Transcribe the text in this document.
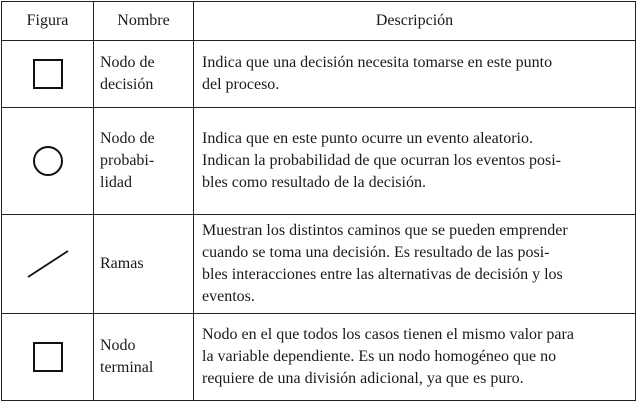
Figura	Nombre	Descripción

Nodo de
decisión	Indica que una decisión necesita tomarse en este punto
del proceso.

Nodo de
probabi-
lidad	Indica que en este punto ocurre un evento aleatorio.
Indican la probabilidad de que ocurran los eventos posi-
bles como resultado de la decisión.

Ramas	Muestran los distintos caminos que se pueden emprender
cuando se toma una decisión. Es resultado de las posi-
bles interacciones entre las alternativas de decisión y los
eventos.

Nodo
terminal	Nodo en el que todos los casos tienen el mismo valor para
la variable dependiente. Es un nodo homogéneo que no
requiere de una división adicional, ya que es puro.
